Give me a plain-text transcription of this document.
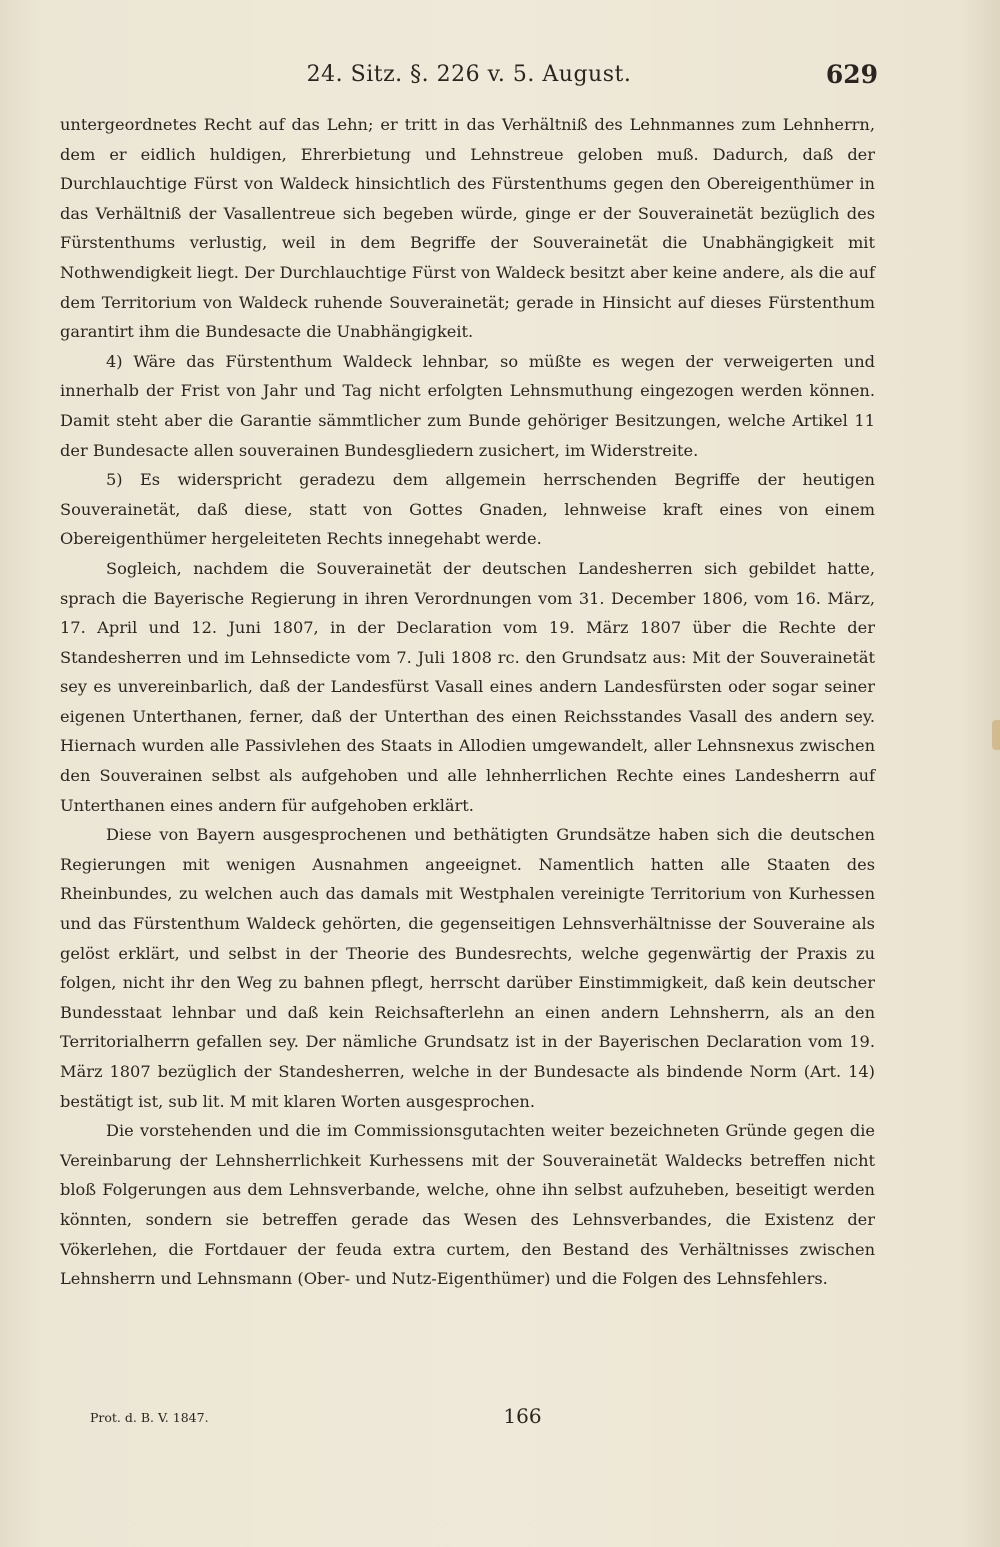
24. Sitz. §. 226 v. 5. August.	629

untergeordnetes Recht auf das Lehn; er tritt in das Verhältniß des Lehnmannes zum Lehnherrn, dem er eidlich huldigen, Ehrerbietung und Lehnstreue geloben muß. Dadurch, daß der Durchlauchtige Fürst von Waldeck hinsichtlich des Fürstenthums gegen den Obereigenthümer in das Verhältniß der Vasallentreue sich begeben würde, ginge er der Souverainetät bezüglich des Fürstenthums verlustig, weil in dem Begriffe der Souverainetät die Unabhängigkeit mit Nothwendigkeit liegt. Der Durchlauchtige Fürst von Waldeck besitzt aber keine andere, als die auf dem Territorium von Waldeck ruhende Souverainetät; gerade in Hinsicht auf dieses Fürstenthum garantirt ihm die Bundesacte die Unabhängigkeit.

4) Wäre das Fürstenthum Waldeck lehnbar, so müßte es wegen der verweigerten und innerhalb der Frist von Jahr und Tag nicht erfolgten Lehnsmuthung eingezogen werden können. Damit steht aber die Garantie sämmtlicher zum Bunde gehöriger Besitzungen, welche Artikel 11 der Bundesacte allen souverainen Bundesgliedern zusichert, im Widerstreite.

5) Es widerspricht geradezu dem allgemein herrschenden Begriffe der heutigen Souverainetät, daß diese, statt von Gottes Gnaden, lehnweise kraft eines von einem Obereigenthümer hergeleiteten Rechts innegehabt werde.

Sogleich, nachdem die Souverainetät der deutschen Landesherren sich gebildet hatte, sprach die Bayerische Regierung in ihren Verordnungen vom 31. December 1806, vom 16. März, 17. April und 12. Juni 1807, in der Declaration vom 19. März 1807 über die Rechte der Standesherren und im Lehnsedicte vom 7. Juli 1808 rc. den Grundsatz aus: Mit der Souverainetät sey es unvereinbarlich, daß der Landesfürst Vasall eines andern Landesfürsten oder sogar seiner eigenen Unterthanen, ferner, daß der Unterthan des einen Reichsstandes Vasall des andern sey. Hiernach wurden alle Passivlehen des Staats in Allodien umgewandelt, aller Lehnsnexus zwischen den Souverainen selbst als aufgehoben und alle lehnherrlichen Rechte eines Landesherrn auf Unterthanen eines andern für aufgehoben erklärt.

Diese von Bayern ausgesprochenen und bethätigten Grundsätze haben sich die deutschen Regierungen mit wenigen Ausnahmen angeeignet. Namentlich hatten alle Staaten des Rheinbundes, zu welchen auch das damals mit Westphalen vereinigte Territorium von Kurhessen und das Fürstenthum Waldeck gehörten, die gegenseitigen Lehnsverhältnisse der Souveraine als gelöst erklärt, und selbst in der Theorie des Bundesrechts, welche gegenwärtig der Praxis zu folgen, nicht ihr den Weg zu bahnen pflegt, herrscht darüber Einstimmigkeit, daß kein deutscher Bundesstaat lehnbar und daß kein Reichsafterlehn an einen andern Lehnsherrn, als an den Territorialherrn gefallen sey. Der nämliche Grundsatz ist in der Bayerischen Declaration vom 19. März 1807 bezüglich der Standesherren, welche in der Bundesacte als bindende Norm (Art. 14) bestätigt ist, sub lit. M mit klaren Worten ausgesprochen.

Die vorstehenden und die im Commissionsgutachten weiter bezeichneten Gründe gegen die Vereinbarung der Lehnsherrlichkeit Kurhessens mit der Souverainetät Waldecks betreffen nicht bloß Folgerungen aus dem Lehnsverbande, welche, ohne ihn selbst aufzuheben, beseitigt werden könnten, sondern sie betreffen gerade das Wesen des Lehnsverbandes, die Existenz der Vökerlehen, die Fortdauer der feuda extra curtem, den Bestand des Verhältnisses zwischen Lehnsherrn und Lehnsmann (Ober- und Nutz-Eigenthümer) und die Folgen des Lehnsfehlers.

Prot. d. B. V. 1847.	166
